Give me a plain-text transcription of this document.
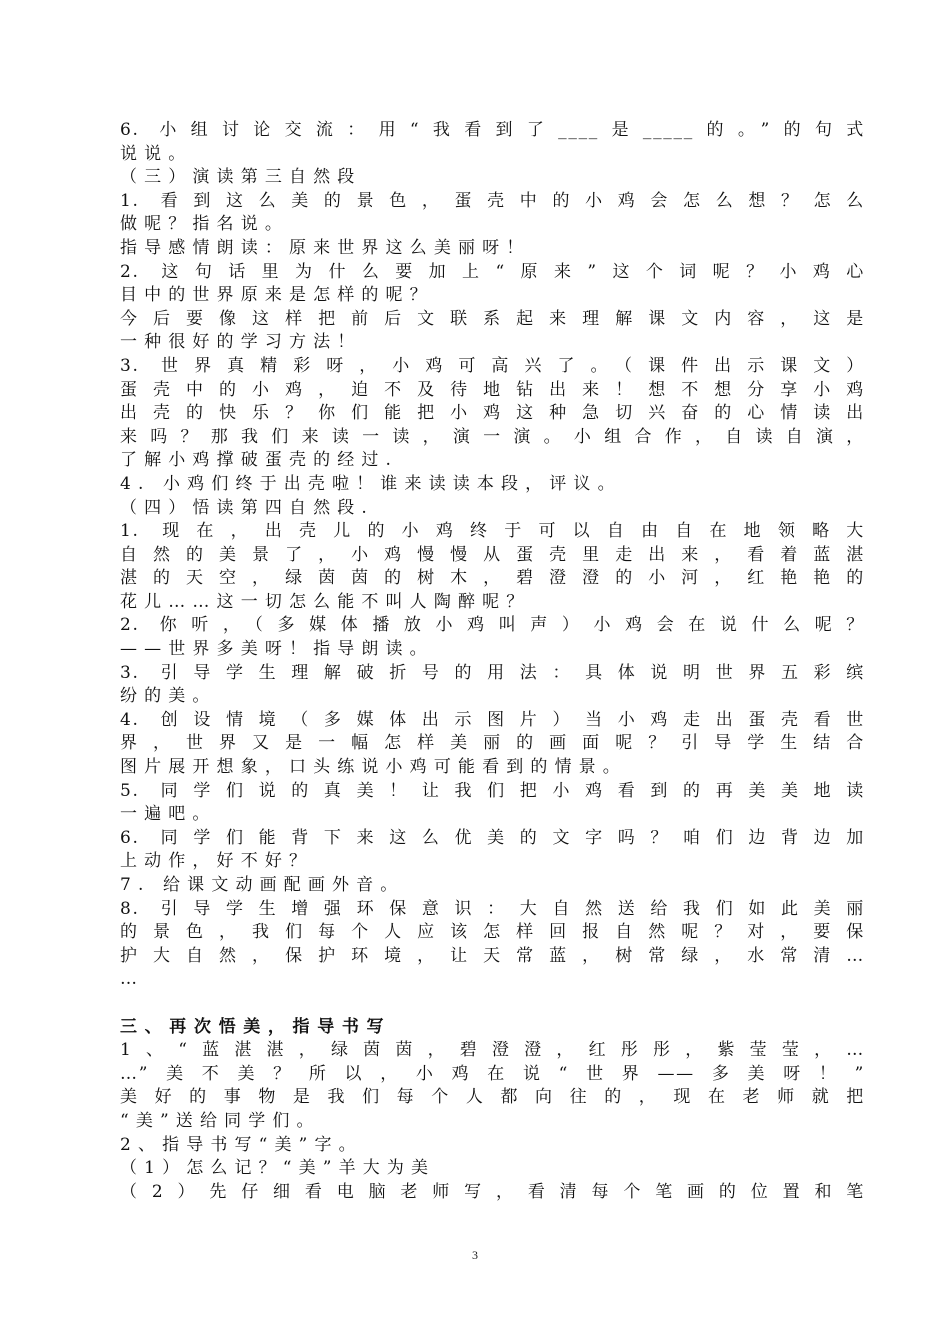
6. 小组讨论交流：用“我看到了____是_____的。”的句式
说说。
（三）演读第三自然段
1. 看到这么美的景色，蛋壳中的小鸡会怎么想？怎么
做呢？指名说。
指导感情朗读：原来世界这么美丽呀！
2. 这句话里为什么要加上“原来”这个词呢？小鸡心
目中的世界原来是怎样的呢？
今后要像这样把前后文联系起来理解课文内容，这是
一种很好的学习方法！
3. 世界真精彩呀，小鸡可高兴了。（课件出示课文）
蛋壳中的小鸡，迫不及待地钻出来！想不想分享小鸡
出壳的快乐？你们能把小鸡这种急切兴奋的心情读出
来吗？那我们来读一读，演一演。小组合作，自读自演，
了解小鸡撑破蛋壳的经过.
4. 小鸡们终于出壳啦！谁来读读本段，评议。
（四）悟读第四自然段.
1. 现在，出壳儿的小鸡终于可以自由自在地领略大
自然的美景了，小鸡慢慢从蛋壳里走出来，看着蓝湛
湛的天空，绿茵茵的树木，碧澄澄的小河，红艳艳的
花儿……这一切怎么能不叫人陶醉呢？
2. 你听，（多媒体播放小鸡叫声）小鸡会在说什么呢？
——世界多美呀！指导朗读。
3. 引导学生理解破折号的用法：具体说明世界五彩缤
纷的美。
4. 创设情境（多媒体出示图片）当小鸡走出蛋壳看世
界，世界又是一幅怎样美丽的画面呢？引导学生结合
图片展开想象，口头练说小鸡可能看到的情景。
5. 同学们说的真美！让我们把小鸡看到的再美美地读
一遍吧。
6. 同学们能背下来这么优美的文字吗？咱们边背边加
上动作，好不好？
7. 给课文动画配画外音。
8. 引导学生增强环保意识：大自然送给我们如此美丽
的景色，我们每个人应该怎样回报自然呢？对，要保
护大自然，保护环境，让天常蓝，树常绿，水常清…
…
三、再次悟美，指导书写
1、“蓝湛湛，绿茵茵，碧澄澄，红彤彤，紫莹莹，…
…”美不美？所以，小鸡在说“世界——多美呀！”
美好的事物是我们每个人都向往的，现在老师就把
“美”送给同学们。
2、指导书写“美”字。
（1）怎么记？“美”羊大为美
（2）先仔细看电脑老师写，看清每个笔画的位置和笔
3
